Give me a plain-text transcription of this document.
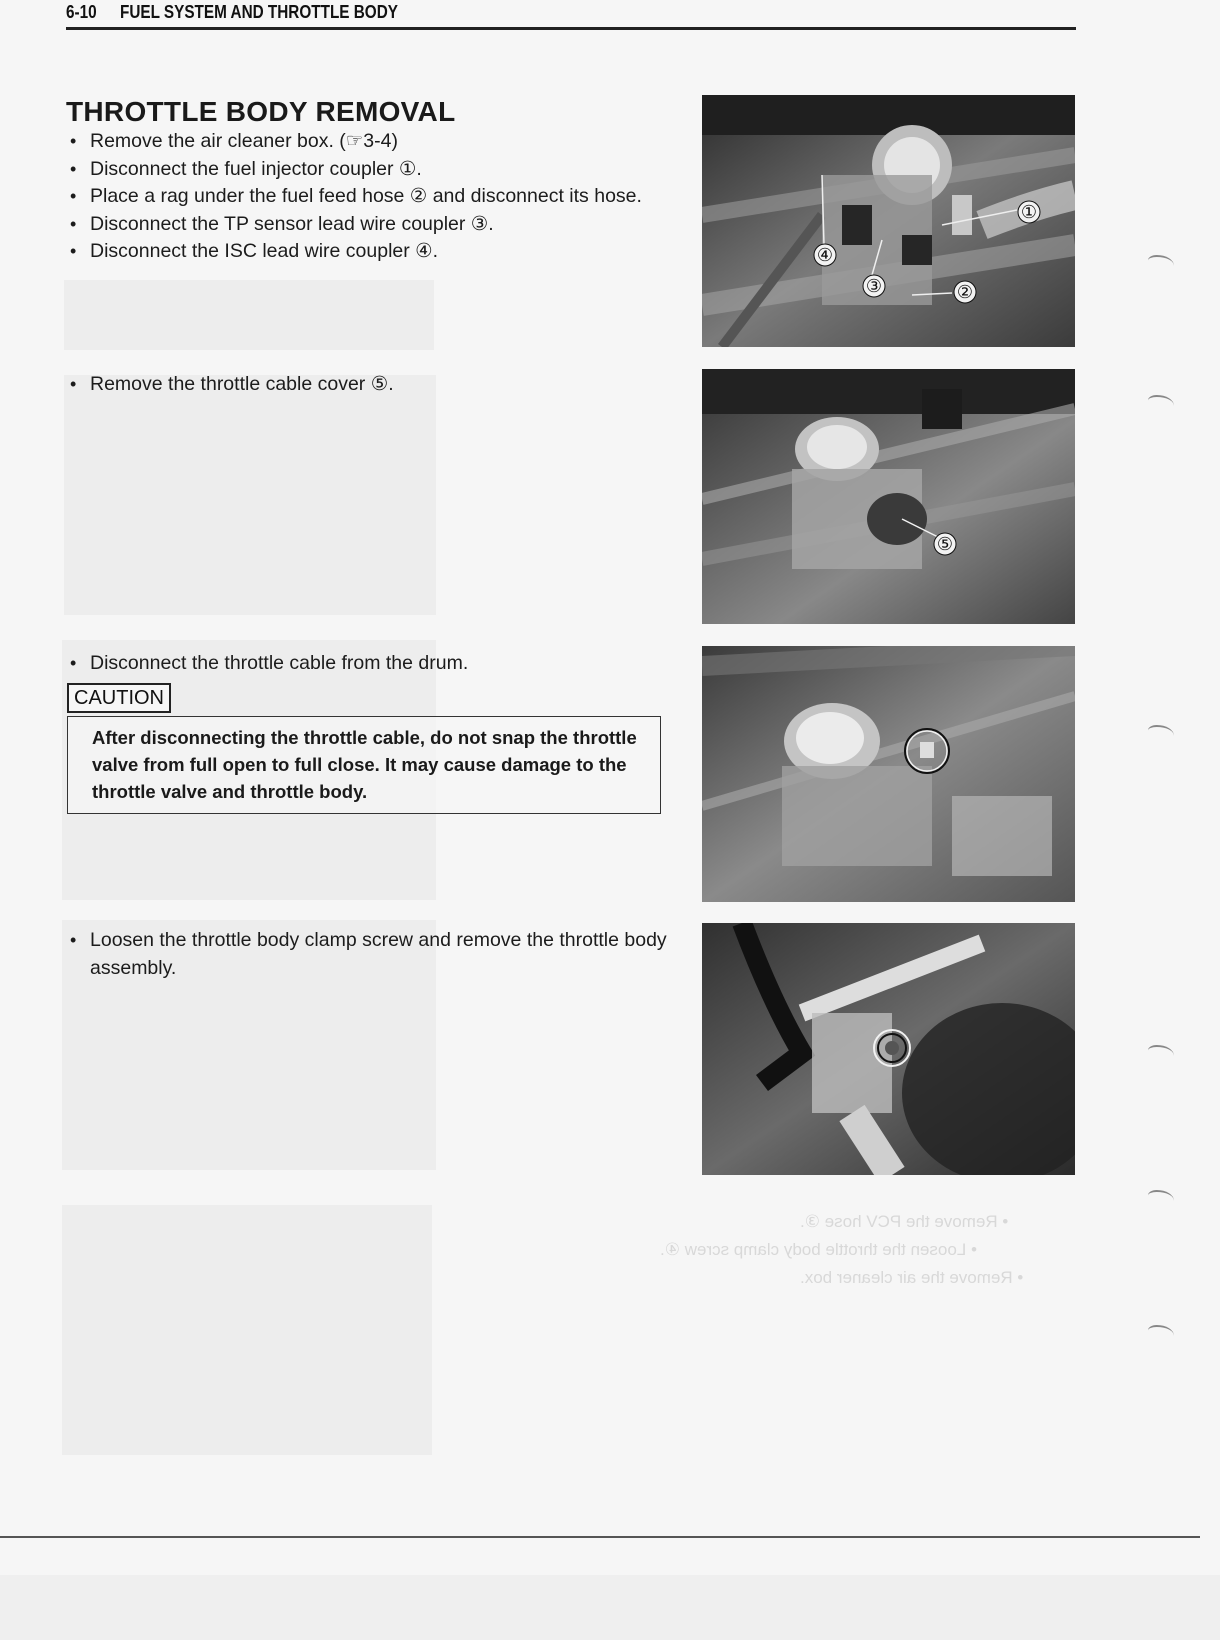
• Remove the PCV hose ③.
• Loosen the throttle body clamp screw ④.
• Remove the air cleaner box.
6-10 FUEL SYSTEM AND THROTTLE BODY
THROTTLE BODY REMOVAL
• Remove the air cleaner box. (☞3-4)
• Disconnect the fuel injector coupler ①.
• Place a rag under the fuel feed hose ② and disconnect its hose.
• Disconnect the TP sensor lead wire coupler ③.
• Disconnect the ISC lead wire coupler ④.
• Remove the throttle cable cover ⑤.
• Disconnect the throttle cable from the drum.
CAUTION
After disconnecting the throttle cable, do not snap the throttle valve from full open to full close. It may cause damage to the throttle valve and throttle body.
• Loosen the throttle body clamp screw and remove the throttle body assembly.
①
②
③
④
⑤
